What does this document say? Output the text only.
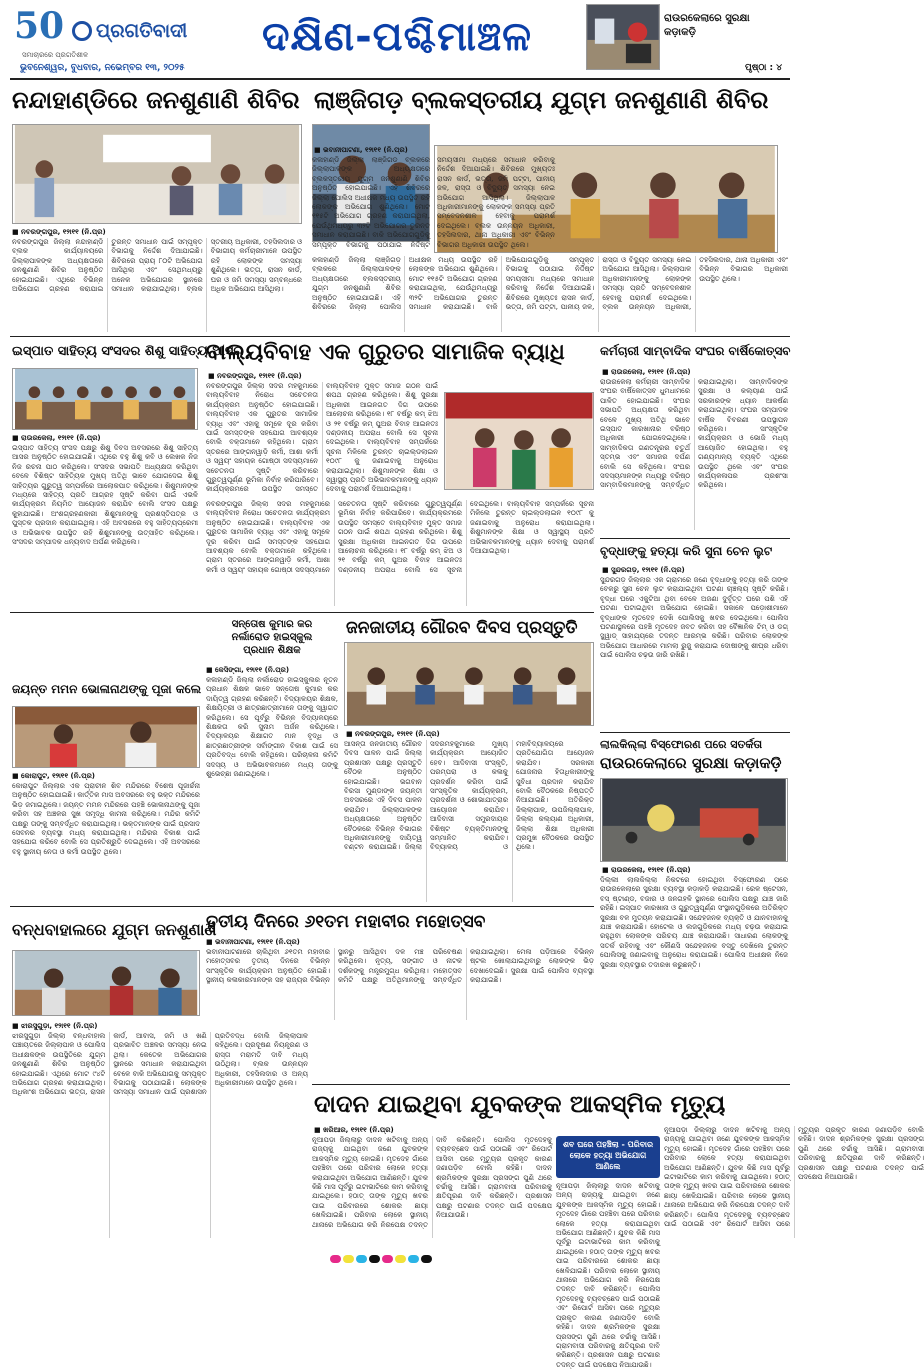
50
ସମାଚାରରେ ପ୍ରଗତିଶୀଳ
ପ୍ରଗତିବାଦୀ
ଭୁବନେଶ୍ୱର, ବୁଧବାର, ନଭେମ୍ବର ୧୩, ୨୦୨୫
ଦକ୍ଷିଣ-ପଶ୍ଚିମାଞ୍ଚଳ	ରାଉରକେଲାରେ ସୁରକ୍ଷା କଡ଼ାକଡ଼ି
ପୃଷ୍ଠା : ୪
ନନ୍ଦାହାଣ୍ଡିରେ ଜନଶୁଣାଣି ଶିବିର
■ ନବରଙ୍ଗପୁର, ୧୨ା୧୧ (ନି.ପ୍ର)
ନବରଙ୍ଗପୁର ଜିଲ୍ଲା ନନ୍ଦାହାଣ୍ଡି ବ୍ଲକ କାର୍ଯ୍ୟାଳୟରେ ଜିଲ୍ଲାପାଳଙ୍କ ଅଧ୍ୟକ୍ଷତାରେ ଜନଶୁଣାଣି ଶିବିର ଅନୁଷ୍ଠିତ ହୋଇଯାଇଛି। ଏଥିରେ ବିଭିନ୍ନ ଅଭିଯୋଗ ଗ୍ରହଣ କରାଯାଇ ତୁରନ୍ତ ସମାଧାନ ପାଇଁ ସମ୍ପୃକ୍ତ ବିଭାଗକୁ ନିର୍ଦ୍ଦେଶ ଦିଆଯାଇଛି। ଶିବିରରେ ପ୍ରାୟ ୮୦ଟି ଅଭିଯୋଗ ଆସିଥିଲା ଏବଂ ସେଥିମଧ୍ୟରୁ ଅନେକ ଅଭିଯୋଗର ସ୍ଥାନରେ ସମାଧାନ କରାଯାଇଥିଲା। ବ୍ଲକ ସ୍ତରୀୟ ଅଧିକାରୀ, ତହସିଲଦାର ଓ ବିଭାଗୀୟ କର୍ମଚାରୀମାନେ ଉପସ୍ଥିତ ରହି ଲୋକଙ୍କ ସମସ୍ୟା ଶୁଣିଥିଲେ। ଭତ୍ତା, ରାସନ କାର୍ଡ, ଘର ଓ ଜମି ସମସ୍ୟା ସମ୍ବନ୍ଧରେ ଅଧିକ ଅଭିଯୋଗ ଆସିଥିଲା।
ଲାଞ୍ଜିଗଡ଼ ବ୍ଲକସ୍ତରୀୟ ଯୁଗ୍ମ ଜନଶୁଣାଣି ଶିବିର
■ ଭବାନୀପାଟଣା, ୧୨ା୧୧ (ନି.ପ୍ର)
କଳାହାଣ୍ଡି ଜିଲ୍ଲା ଲାଞ୍ଜିଗଡ଼ ବ୍ଲକରେ ଜିଲ୍ଲାପାଳଙ୍କ ଅଧ୍ୟକ୍ଷତାରେ ବ୍ଲକସ୍ତରୀୟ ଯୁଗ୍ମ ଜନଶୁଣାଣି ଶିବିର ଅନୁଷ୍ଠିତ ହୋଇଯାଇଛି। ଏହି ଶିବିରରେ ଜିଲ୍ଲା ପୋଲିସ ଅଧୀକ୍ଷକ ମଧ୍ୟ ଉପସ୍ଥିତ ରହି ଲୋକଙ୍କ ଅଭିଯୋଗ ଶୁଣିଥିଲେ। ମୋଟ ୧୧୫ଟି ଅଭିଯୋଗ ଗ୍ରହଣ କରାଯାଇଥିଲା, ଯେଉଁଥିମଧ୍ୟରୁ ୩୨ଟି ଅଭିଯୋଗର ତୁରନ୍ତ ସମାଧାନ କରାଯାଇଛି। ବାକି ଅଭିଯୋଗଗୁଡ଼ିକୁ ସମ୍ପୃକ୍ତ ବିଭାଗକୁ ପଠାଯାଇ ନିର୍ଦ୍ଦିଷ୍ଟ
କଳାହାଣ୍ଡି ଜିଲ୍ଲା ଲାଞ୍ଜିଗଡ଼ ବ୍ଲକରେ ଜିଲ୍ଲାପାଳଙ୍କ ଅଧ୍ୟକ୍ଷତାରେ ବ୍ଲକସ୍ତରୀୟ ଯୁଗ୍ମ ଜନଶୁଣାଣି ଶିବିର ଅନୁଷ୍ଠିତ ହୋଇଯାଇଛି। ଏହି ଶିବିରରେ ଜିଲ୍ଲା ପୋଲିସ ଅଧୀକ୍ଷକ ମଧ୍ୟ ଉପସ୍ଥିତ ରହି ଲୋକଙ୍କ ଅଭିଯୋଗ ଶୁଣିଥିଲେ। ମୋଟ ୧୧୫ଟି ଅଭିଯୋଗ ଗ୍ରହଣ କରାଯାଇଥିଲା, ଯେଉଁଥିମଧ୍ୟରୁ ୩୨ଟି ଅଭିଯୋଗର ତୁରନ୍ତ ସମାଧାନ କରାଯାଇଛି। ବାକି ଅଭିଯୋଗଗୁଡ଼ିକୁ ସମ୍ପୃକ୍ତ ବିଭାଗକୁ ପଠାଯାଇ ନିର୍ଦ୍ଦିଷ୍ଟ ସମୟସୀମା ମଧ୍ୟରେ ସମାଧାନ କରିବାକୁ ନିର୍ଦ୍ଦେଶ ଦିଆଯାଇଛି। ଶିବିରରେ ମୁଖ୍ୟତଃ ରାସନ କାର୍ଡ, ଭତ୍ତା, ଜମି ପଟ୍ଟା, ପାନୀୟ ଜଳ, ରାସ୍ତା ଓ ବିଦ୍ୟୁତ ସମସ୍ୟା ନେଇ ଅଭିଯୋଗ ଆସିଥିଲା। ଜିଲ୍ଲାପାଳ ଅଧିକାରୀମାନଙ୍କୁ ଲୋକଙ୍କ ସମସ୍ୟା ପ୍ରତି ସମ୍ବେଦନଶୀଳ ହେବାକୁ ପରାମର୍ଶ ଦେଇଥିଲେ। ବ୍ଲକ ଉନ୍ନୟନ ଅଧିକାରୀ, ତହସିଲଦାର, ଥାନା ଅଧିକାରୀ ଏବଂ ବିଭିନ୍ନ ବିଭାଗର ଅଧିକାରୀ ଉପସ୍ଥିତ ଥିଲେ।
ଇସ୍ପାତ ସାହିତ୍ୟ ସଂସଦର ଶିଶୁ ସାହିତ୍ୟ ଆସର
■ ରାଉରକେଲା, ୧୨ା୧୧ (ନି.ପ୍ର)
ଇସ୍ପାତ ସାହିତ୍ୟ ସଂସଦ ପକ୍ଷରୁ ଶିଶୁ ଦିବସ ଅବସରରେ ଶିଶୁ ସାହିତ୍ୟ ଆସର ଅନୁଷ୍ଠିତ ହୋଇଯାଇଛି। ଏଥିରେ ବହୁ ଶିଶୁ କବି ଓ ଲେଖକ ନିଜ ନିଜ ରଚନା ପାଠ କରିଥିଲେ। ସଂସଦର ସଭାପତି ଅଧ୍ୟକ୍ଷତା କରିଥିବା ବେଳେ ବିଶିଷ୍ଟ ସାହିତ୍ୟିକ ମୁଖ୍ୟ ଅତିଥି ଭାବେ ଯୋଗଦେଇ ଶିଶୁ ସାହିତ୍ୟର ଗୁରୁତ୍ୱ ସମ୍ପର୍କରେ ଆଲୋକପାତ କରିଥିଲେ। ଶିଶୁମାନଙ୍କ ମଧ୍ୟରେ ସାହିତ୍ୟ ପ୍ରତି ଆଗ୍ରହ ସୃଷ୍ଟି କରିବା ପାଇଁ ଏଭଳି କାର୍ଯ୍ୟକ୍ରମ ନିୟମିତ ଆୟୋଜନ କରାଯିବ ବୋଲି ସଂସଦ ପକ୍ଷରୁ କୁହାଯାଇଛି। ଅଂଶଗ୍ରହଣକାରୀ ଶିଶୁମାନଙ୍କୁ ପ୍ରଶସ୍ତିପତ୍ର ଓ ପୁସ୍ତକ ପ୍ରଦାନ କରାଯାଇଥିଲା। ଏହି ଅବସରରେ ବହୁ ସାହିତ୍ୟପ୍ରେମୀ ଓ ଅଭିଭାବକ ଉପସ୍ଥିତ ରହି ଶିଶୁମାନଙ୍କୁ ଉତ୍ସାହିତ କରିଥିଲେ। ସଂସଦର ସମ୍ପାଦକ ଧନ୍ୟବାଦ ଅର୍ପଣ କରିଥିଲେ।
ବାଲ୍ୟବିବାହ ଏକ ଗୁରୁତର ସାମାଜିକ ବ୍ୟାଧି
■ ନବରଙ୍ଗପୁର, ୧୨ା୧୧ (ନି.ପ୍ର)
ନବରଙ୍ଗପୁର ଜିଲ୍ଲା ସଦର ମହକୁମାରେ ବାଲ୍ୟବିବାହ ନିରୋଧ ସଚେତନତା କାର୍ଯ୍ୟକ୍ରମ ଅନୁଷ୍ଠିତ ହୋଇଯାଇଛି। ବାଲ୍ୟବିବାହ ଏକ ଗୁରୁତର ସାମାଜିକ ବ୍ୟାଧି ଏବଂ ଏହାକୁ ସମୂଳେ ଦୂର କରିବା ପାଇଁ ସମସ୍ତଙ୍କ ସହଯୋଗ ଆବଶ୍ୟକ ବୋଲି ବକ୍ତାମାନେ କହିଥିଲେ। ଗ୍ରାମ ସ୍ତରରେ ଆଙ୍ଗନୱାଡ଼ି କର୍ମୀ, ଆଶା କର୍ମୀ ଓ ସ୍ୱୟଂ ସହାୟକ ଗୋଷ୍ଠୀ ସଦସ୍ୟମାନେ ସଚେତନତା ସୃଷ୍ଟି କରିବାରେ ଗୁରୁତ୍ୱପୂର୍ଣ୍ଣ ଭୂମିକା ନିର୍ବାହ କରିପାରିବେ। କାର୍ଯ୍ୟକ୍ରମରେ ଉପସ୍ଥିତ ସମସ୍ତେ ବାଲ୍ୟବିବାହ ମୁକ୍ତ ସମାଜ ଗଠନ ପାଇଁ ଶପଥ ଗ୍ରହଣ କରିଥିଲେ। ଶିଶୁ ସୁରକ୍ଷା ଅଧିକାରୀ ଆଇନଗତ ଦିଗ ଉପରେ ଆଲୋଚନା କରିଥିଲେ। ୧୮ ବର୍ଷରୁ କମ୍ ଝିଅ ଓ ୨୧ ବର୍ଷରୁ କମ୍ ପୁଅର ବିବାହ ଆଇନତଃ ଦଣ୍ଡନୀୟ ଅପରାଧ ବୋଲି ସେ ସୂଚନା ଦେଇଥିଲେ। ବାଲ୍ୟବିବାହ ସମ୍ପର୍କରେ ସୂଚନା ମିଳିଲେ ତୁରନ୍ତ ଚାଇଲ୍ଡଲାଇନ ୧୦୯୮ କୁ ଜଣାଇବାକୁ ଅନୁରୋଧ କରାଯାଇଥିଲା। ଶିଶୁମାନଙ୍କ ଶିକ୍ଷା ଓ ସ୍ୱାସ୍ଥ୍ୟ ପ୍ରତି ଅଭିଭାବକମାନଙ୍କୁ ଧ୍ୟାନ ଦେବାକୁ ପରାମର୍ଶ ଦିଆଯାଇଥିଲା।
ନବରଙ୍ଗପୁର ଜିଲ୍ଲା ସଦର ମହକୁମାରେ ବାଲ୍ୟବିବାହ ନିରୋଧ ସଚେତନତା କାର୍ଯ୍ୟକ୍ରମ ଅନୁଷ୍ଠିତ ହୋଇଯାଇଛି। ବାଲ୍ୟବିବାହ ଏକ ଗୁରୁତର ସାମାଜିକ ବ୍ୟାଧି ଏବଂ ଏହାକୁ ସମୂଳେ ଦୂର କରିବା ପାଇଁ ସମସ୍ତଙ୍କ ସହଯୋଗ ଆବଶ୍ୟକ ବୋଲି ବକ୍ତାମାନେ କହିଥିଲେ। ଗ୍ରାମ ସ୍ତରରେ ଆଙ୍ଗନୱାଡ଼ି କର୍ମୀ, ଆଶା କର୍ମୀ ଓ ସ୍ୱୟଂ ସହାୟକ ଗୋଷ୍ଠୀ ସଦସ୍ୟମାନେ ସଚେତନତା ସୃଷ୍ଟି କରିବାରେ ଗୁରୁତ୍ୱପୂର୍ଣ୍ଣ ଭୂମିକା ନିର୍ବାହ କରିପାରିବେ। କାର୍ଯ୍ୟକ୍ରମରେ ଉପସ୍ଥିତ ସମସ୍ତେ ବାଲ୍ୟବିବାହ ମୁକ୍ତ ସମାଜ ଗଠନ ପାଇଁ ଶପଥ ଗ୍ରହଣ କରିଥିଲେ। ଶିଶୁ ସୁରକ୍ଷା ଅଧିକାରୀ ଆଇନଗତ ଦିଗ ଉପରେ ଆଲୋଚନା କରିଥିଲେ। ୧୮ ବର୍ଷରୁ କମ୍ ଝିଅ ଓ ୨୧ ବର୍ଷରୁ କମ୍ ପୁଅର ବିବାହ ଆଇନତଃ ଦଣ୍ଡନୀୟ ଅପରାଧ ବୋଲି ସେ ସୂଚନା ଦେଇଥିଲେ। ବାଲ୍ୟବିବାହ ସମ୍ପର୍କରେ ସୂଚନା ମିଳିଲେ ତୁରନ୍ତ ଚାଇଲ୍ଡଲାଇନ ୧୦୯୮ କୁ ଜଣାଇବାକୁ ଅନୁରୋଧ କରାଯାଇଥିଲା। ଶିଶୁମାନଙ୍କ ଶିକ୍ଷା ଓ ସ୍ୱାସ୍ଥ୍ୟ ପ୍ରତି ଅଭିଭାବକମାନଙ୍କୁ ଧ୍ୟାନ ଦେବାକୁ ପରାମର୍ଶ ଦିଆଯାଇଥିଲା।
କର୍ମଚାରୀ ସାମ୍ବାଦିକ ସଂଘର ବାର୍ଷିକୋତ୍ସବ
■ ରାଉରକେଲା, ୧୨ା୧୧ (ନି.ପ୍ର)
ରାଉରକେଲା କର୍ମଚାରୀ ସାମ୍ବାଦିକ ସଂଘର ବାର୍ଷିକୋତ୍ସବ ଧୁମଧାମରେ ପାଳିତ ହୋଇଯାଇଛି। ସଂଘର ସଭାପତି ଅଧ୍ୟକ୍ଷତା କରିଥିବା ବେଳେ ମୁଖ୍ୟ ଅତିଥି ଭାବେ ଇସ୍ପାତ କାରଖାନାର ବରିଷ୍ଠ ଅଧିକାରୀ ଯୋଗଦେଇଥିଲେ। ସାମ୍ବାଦିକତା ଗଣତନ୍ତ୍ରର ଚତୁର୍ଥ ସ୍ତମ୍ଭ ଏବଂ ସମାଜର ଦର୍ପଣ ବୋଲି ସେ କହିଥିଲେ। ସଂଘର ସଦସ୍ୟମାନଙ୍କ ମଧ୍ୟରୁ ବରିଷ୍ଠ ସାମ୍ବାଦିକମାନଙ୍କୁ ସମ୍ବର୍ଦ୍ଧିତ କରାଯାଇଥିଲା। ସାମ୍ବାଦିକଙ୍କ ସୁରକ୍ଷା ଓ କଲ୍ୟାଣ ପାଇଁ ସରକାରଙ୍କ ଧ୍ୟାନ ଆକର୍ଷଣ କରାଯାଇଥିଲା। ସଂଘର ସମ୍ପାଦକ ବାର୍ଷିକ ବିବରଣୀ ଉପସ୍ଥାପନ କରିଥିଲେ। ସାଂସ୍କୃତିକ କାର୍ଯ୍ୟକ୍ରମ ଓ ଭୋଜି ମଧ୍ୟ ଆୟୋଜିତ ହୋଇଥିଲା। ବହୁ ଗଣ୍ୟମାନ୍ୟ ବ୍ୟକ୍ତି ଏଥିରେ ଉପସ୍ଥିତ ଥିଲେ ଏବଂ ସଂଘର କାର୍ଯ୍ୟକଳାପର ପ୍ରଶଂସା କରିଥିଲେ।
ବୃଦ୍ଧାଙ୍କୁ ହତ୍ୟା କରି ସୁନା ଚେନ ଲୁଟ
■ ସୁନ୍ଦରଗଡ଼, ୧୨ା୧୧ (ନି.ପ୍ର)
ସୁନ୍ଦରଗଡ଼ ଜିଲ୍ଲାର ଏକ ଗ୍ରାମରେ ଜଣେ ବୃଦ୍ଧାଙ୍କୁ ହତ୍ୟା କରି ତାଙ୍କ ବେକରୁ ସୁନା ଚେନ ଲୁଟ କରାଯାଇଥିବା ଘଟଣା ଚାଞ୍ଚଲ୍ୟ ସୃଷ୍ଟି କରିଛି। ବୃଦ୍ଧା ଘରେ ଏକୁଟିଆ ଥିବା ବେଳେ ଅଜଣା ଦୁର୍ବୃତ୍ତ ଘରେ ପଶି ଏହି ଘଟଣା ଘଟାଇଥିବା ଅଭିଯୋଗ ହୋଇଛି। ସକାଳେ ପଡ଼ୋଶୀମାନେ ବୃଦ୍ଧାଙ୍କ ମୃତଦେହ ଦେଖି ପୋଲିସକୁ ଖବର ଦେଇଥିଲେ। ପୋଲିସ ଘଟଣାସ୍ଥଳରେ ପହଞ୍ଚି ମୃତଦେହ ଜବତ କରିବା ସହ ବୈଜ୍ଞାନିକ ଟିମ୍ ଓ ଡଗ୍ ସ୍କ୍ୱାଡ୍ ସାହାଯ୍ୟରେ ତଦନ୍ତ ଆରମ୍ଭ କରିଛି। ପରିବାର ଲୋକଙ୍କ ଅଭିଯୋଗ ଆଧାରରେ ମାମଲା ରୁଜୁ କରାଯାଇ ଦୋଷୀଙ୍କୁ ଶୀଘ୍ର ଧରିବା ପାଇଁ ପୋଲିସ ଚଢ଼ଉ ଜାରି ରଖିଛି।
ସନ୍ତୋଷ କୁମାର କର
ନର୍ଲାରୋଡ ହାଇସ୍କୁଲ
ପ୍ରଧାନ ଶିକ୍ଷକ
■ କେସିଙ୍ଗା, ୧୨ା୧୧ (ନି.ପ୍ର)
କଳାହାଣ୍ଡି ଜିଲ୍ଲା ନର୍ଲାରୋଡ ହାଇସ୍କୁଲର ନୂତନ ପ୍ରଧାନ ଶିକ୍ଷକ ଭାବେ ସନ୍ତୋଷ କୁମାର କର ଦାୟିତ୍ୱ ଗ୍ରହଣ କରିଛନ୍ତି। ବିଦ୍ୟାଳୟର ଶିକ୍ଷକ, ଶିକ୍ଷୟିତ୍ରୀ ଓ ଛାତ୍ରଛାତ୍ରୀମାନେ ତାଙ୍କୁ ସ୍ୱାଗତ କରିଥିଲେ। ସେ ପୂର୍ବରୁ ବିଭିନ୍ନ ବିଦ୍ୟାଳୟରେ ଶିକ୍ଷକତା କରି ସୁନାମ ଅର୍ଜନ କରିଥିଲେ। ବିଦ୍ୟାଳୟର ଶିକ୍ଷାଗତ ମାନ ବୃଦ୍ଧି ଓ ଛାତ୍ରଛାତ୍ରୀଙ୍କ ସର୍ବାଙ୍ଗୀନ ବିକାଶ ପାଇଁ ସେ ପ୍ରତିବଦ୍ଧ ବୋଲି କହିଥିଲେ। ପରିଚାଳନା କମିଟି ସଦସ୍ୟ ଓ ଅଭିଭାବକମାନେ ମଧ୍ୟ ତାଙ୍କୁ ଶୁଭେଚ୍ଛା ଜଣାଇଥିଲେ।
ଜୟନ୍ତ ମମନ ଭୋଳାନାଥଙ୍କୁ ପୂଜା କଲେ
■ କୋରାପୁଟ, ୧୨ା୧୧ (ନି.ପ୍ର)
କୋରାପୁଟ ଜିଲ୍ଲାର ଏକ ପ୍ରାଚୀନ ଶିବ ମନ୍ଦିରରେ ବିଶେଷ ପୂଜାର୍ଚ୍ଚନା ଅନୁଷ୍ଠିତ ହୋଇଯାଇଛି। କାର୍ତ୍ତିକ ମାସ ଅବସରରେ ବହୁ ଭକ୍ତ ମନ୍ଦିରରେ ଭିଡ଼ ଜମାଇଥିଲେ। ଜୟନ୍ତ ମମନ ମନ୍ଦିରରେ ପହଞ୍ଚି ଭୋଳାନାଥଙ୍କୁ ପୂଜା କରିବା ସହ ଅଞ୍ଚଳର ସୁଖ ସମୃଦ୍ଧି କାମନା କରିଥିଲେ। ମନ୍ଦିର କମିଟି ପକ୍ଷରୁ ତାଙ୍କୁ ସମ୍ବର୍ଦ୍ଧିତ କରାଯାଇଥିଲା। ଭକ୍ତମାନଙ୍କ ପାଇଁ ପ୍ରସାଦ ସେବନର ବ୍ୟବସ୍ଥା ମଧ୍ୟ କରାଯାଇଥିଲା। ମନ୍ଦିରର ବିକାଶ ପାଇଁ ସହଯୋଗ କରିବେ ବୋଲି ସେ ପ୍ରତିଶ୍ରୁତି ଦେଇଥିଲେ। ଏହି ଅବସରରେ ବହୁ ସ୍ଥାନୀୟ ନେତା ଓ କର୍ମୀ ଉପସ୍ଥିତ ଥିଲେ।
ଜନଜାତୀୟ ଗୌରବ ଦିବସ ପ୍ରସ୍ତୁତି
■ ନବରଙ୍ଗପୁର, ୧୨ା୧୧ (ନି.ପ୍ର)
ଆସନ୍ତା ଜନଜାତୀୟ ଗୌରବ ଦିବସ ପାଳନ ପାଇଁ ଜିଲ୍ଲା ପ୍ରଶାସନ ପକ୍ଷରୁ ପ୍ରସ୍ତୁତି ବୈଠକ ଅନୁଷ୍ଠିତ ହୋଇଯାଇଛି। ଭଗବାନ ବିରସା ମୁଣ୍ଡାଙ୍କ ଜୟନ୍ତୀ ଅବସରରେ ଏହି ଦିବସ ପାଳନ କରାଯିବ। ଜିଲ୍ଲାପାଳଙ୍କ ଅଧ୍ୟକ୍ଷତାରେ ଅନୁଷ୍ଠିତ ବୈଠକରେ ବିଭିନ୍ନ ବିଭାଗର ଅଧିକାରୀମାନଙ୍କୁ ଦାୟିତ୍ୱ ବଣ୍ଟନ କରାଯାଇଛି। ଜିଲ୍ଲା ସଦରମହକୁମାରେ ମୁଖ୍ୟ କାର୍ଯ୍ୟକ୍ରମ ଆୟୋଜିତ ହେବ। ଆଦିବାସୀ ସଂସ୍କୃତି, ପରମ୍ପରା ଓ କଳାକୁ ପ୍ରଦର୍ଶନ କରିବା ପାଇଁ ସାଂସ୍କୃତିକ କାର୍ଯ୍ୟକ୍ରମ, ପ୍ରଦର୍ଶନୀ ଓ ଶୋଭାଯାତ୍ରାର ଆୟୋଜନ କରାଯିବ। ଆଦିବାସୀ ସମ୍ପ୍ରଦାୟର ବିଶିଷ୍ଟ ବ୍ୟକ୍ତିମାନଙ୍କୁ ସମ୍ମାନିତ କରାଯିବ। ବିଦ୍ୟାଳୟ ଓ ମହାବିଦ୍ୟାଳୟରେ ପ୍ରତିଯୋଗିତା ଆୟୋଜନ କରାଯିବ। ସରକାରୀ ଯୋଜନାର ହିତାଧିକାରୀଙ୍କୁ ସୁବିଧା ପ୍ରଦାନ କରାଯିବ ବୋଲି ବୈଠକରେ ନିଷ୍ପତ୍ତି ନିଆଯାଇଛି। ଅତିରିକ୍ତ ଜିଲ୍ଲାପାଳ, ଉପଜିଲ୍ଲାପାଳ, ଜିଲ୍ଲା କଲ୍ୟାଣ ଅଧିକାରୀ, ଜିଲ୍ଲା ଶିକ୍ଷା ଅଧିକାରୀ ପ୍ରମୁଖ ବୈଠକରେ ଉପସ୍ଥିତ ଥିଲେ।
ଲାଲକିଲ୍ଲା ବିସ୍ଫୋରଣ ପରେ ସତର୍କତା
ରାଉରକେଲାରେ ସୁରକ୍ଷା କଡ଼ାକଡ଼ି
■ ରାଉରକେଲା, ୧୨ା୧୧ (ନି.ପ୍ର)
ଦିଲ୍ଲୀ ଲାଲକିଲ୍ଲା ନିକଟରେ ହୋଇଥିବା ବିସ୍ଫୋରଣ ପରେ ରାଉରକେଲାରେ ସୁରକ୍ଷା ବ୍ୟବସ୍ଥା କଡ଼ାକଡ଼ି କରାଯାଇଛି। ରେଳ ଷ୍ଟେସନ, ବସ୍ ଷ୍ଟାଣ୍ଡ, ବଜାର ଓ ଜନଗହଳି ସ୍ଥାନରେ ପୋଲିସ ପକ୍ଷରୁ ଯାଞ୍ଚ ଜାରି ରହିଛି। ଇସ୍ପାତ କାରଖାନା ଓ ଗୁରୁତ୍ୱପୂର୍ଣ୍ଣ ସଂସ୍ଥାନଗୁଡ଼ିକରେ ଅତିରିକ୍ତ ସୁରକ୍ଷା ବଳ ମୁତୟନ କରାଯାଇଛି। ସନ୍ଦେହଜନକ ବ୍ୟକ୍ତି ଓ ଯାନବାହାନକୁ ଯାଞ୍ଚ କରାଯାଉଛି। ହୋଟେଲ ଓ ଲଜଗୁଡ଼ିକରେ ମଧ୍ୟ ଚଢ଼ଉ କରାଯାଇ ରହୁଥିବା ଲୋକଙ୍କ ପରିଚୟ ଯାଞ୍ଚ କରାଯାଉଛି। ସାଧାରଣ ଲୋକଙ୍କୁ ସତର୍କ ରହିବାକୁ ଏବଂ କୌଣସି ସନ୍ଦେହଜନକ ବସ୍ତୁ ଦେଖିଲେ ତୁରନ୍ତ ପୋଲିସକୁ ଜଣାଇବାକୁ ଅନୁରୋଧ କରାଯାଇଛି। ପୋଲିସ ଅଧୀକ୍ଷକ ନିଜେ ସୁରକ୍ଷା ବ୍ୟବସ୍ଥାର ତଦାରଖ କରୁଛନ୍ତି।
ତୃତୀୟ ଦିନରେ ୬୧ତମ ମହାବୀର ମହୋତ୍ସବ
■ ଭବାନୀପାଟଣା, ୧୨ା୧୧ (ନି.ପ୍ର)
ଭବାନୀପାଟଣାରେ ଚାଲିଥିବା ୬୧ତମ ମହାବୀର ମହୋତ୍ସବର ତୃତୀୟ ଦିନରେ ବିଭିନ୍ନ ସାଂସ୍କୃତିକ କାର୍ଯ୍ୟକ୍ରମ ଅନୁଷ୍ଠିତ ହୋଇଛି। ସ୍ଥାନୀୟ କଳାକାରମାନଙ୍କ ସହ ରାଜ୍ୟର ବିଭିନ୍ନ ସ୍ଥାନରୁ ଆସିଥିବା ଦଳ ମଞ୍ଚ ପରିବେଷଣ କରିଥିଲେ। ନୃତ୍ୟ, ସଙ୍ଗୀତ ଓ ନାଟକ ଦର୍ଶକଙ୍କୁ ମନ୍ତ୍ରମୁଗ୍ଧ କରିଥିଲା। ମହୋତ୍ସବ କମିଟି ପକ୍ଷରୁ ଅତିଥିମାନଙ୍କୁ ସମ୍ବର୍ଦ୍ଧିତ କରାଯାଇଥିଲା। ମେଳା ପଡ଼ିଆରେ ବିଭିନ୍ନ ଷ୍ଟଲ ଖୋଲାଯାଇଥିବାରୁ ଲୋକଙ୍କ ଭିଡ଼ ଦେଖାଦେଇଛି। ସୁରକ୍ଷା ପାଇଁ ପୋଲିସ ବ୍ୟବସ୍ଥା କରାଯାଇଛି।
ବନ୍ଧବାହାଲରେ ଯୁଗ୍ମ ଜନଶୁଣାଣି
■ ଝାରସୁଗୁଡ଼ା, ୧୨ା୧୧ (ନି.ପ୍ର)
ଝାରସୁଗୁଡ଼ା ଜିଲ୍ଲା ବନ୍ଧବାହାଲ ପଞ୍ଚାୟତରେ ଜିଲ୍ଲାପାଳ ଓ ପୋଲିସ ଅଧୀକ୍ଷକଙ୍କ ଉପସ୍ଥିତିରେ ଯୁଗ୍ମ ଜନଶୁଣାଣି ଶିବିର ଅନୁଷ୍ଠିତ ହୋଇଯାଇଛି। ଏଥିରେ ମୋଟ ୯୪ଟି ଅଭିଯୋଗ ଗ୍ରହଣ କରାଯାଇଥିଲା। ଅଧିକାଂଶ ଅଭିଯୋଗ ଭତ୍ତା, ରାସନ କାର୍ଡ, ଆବାସ, ଜମି ଓ ଖଣି ପ୍ରଭାବିତ ଅଞ୍ଚଳର ସମସ୍ୟା ନେଇ ଥିଲା। କେତେକ ଅଭିଯୋଗର ସ୍ଥାନରେ ସମାଧାନ କରାଯାଇଥିବା ବେଳେ ବାକି ଅଭିଯୋଗକୁ ସମ୍ପୃକ୍ତ ବିଭାଗକୁ ପଠାଯାଇଛି। ଲୋକଙ୍କ ସମସ୍ୟା ସମାଧାନ ପାଇଁ ପ୍ରଶାସନ ପ୍ରତିବଦ୍ଧ ବୋଲି ଜିଲ୍ଲାପାଳ କହିଥିଲେ। ପ୍ରଦୂଷଣ ନିୟନ୍ତ୍ରଣ ଓ ରାସ୍ତା ମରାମତି ଦାବି ମଧ୍ୟ ଉଠିଥିଲା। ବ୍ଲକ ଉନ୍ନୟନ ଅଧିକାରୀ, ତହସିଲଦାର ଓ ଅନ୍ୟ ଅଧିକାରୀମାନେ ଉପସ୍ଥିତ ଥିଲେ।
ଦାଦନ ଯାଇଥିବା ଯୁବକଙ୍କ ଆକସ୍ମିକ ମୃତ୍ୟୁ
■ ଖରିଆର, ୧୨ା୧୧ (ନି.ପ୍ର)
ନୂଆପଡ଼ା ଜିଲ୍ଲାରୁ ଦାଦନ ଖଟିବାକୁ ଅନ୍ୟ ରାଜ୍ୟକୁ ଯାଇଥିବା ଜଣେ ଯୁବକଙ୍କ ଆକସ୍ମିକ ମୃତ୍ୟୁ ହୋଇଛି। ମୃତଦେହ ଗାଁରେ ପହଞ୍ଚିବା ପରେ ପରିବାର ଲୋକେ ହତ୍ୟା କରାଯାଇଥିବା ଅଭିଯୋଗ ଆଣିଛନ୍ତି। ଯୁବକ କିଛି ମାସ ପୂର୍ବରୁ ଇଟାଭାଟିରେ କାମ କରିବାକୁ ଯାଇଥିଲେ। ହଠାତ୍ ତାଙ୍କ ମୃତ୍ୟୁ ଖବର ପାଇ ପରିବାରରେ ଶୋକର ଛାୟା ଖେଳିଯାଇଛି। ପରିବାର ଲୋକେ ସ୍ଥାନୀୟ ଥାନାରେ ଅଭିଯୋଗ କରି ନିରପେକ୍ଷ ତଦନ୍ତ ଦାବି କରିଛନ୍ତି। ପୋଲିସ ମୃତଦେହକୁ ବ୍ୟବଚ୍ଛେଦ ପାଇଁ ପଠାଇଛି ଏବଂ ରିପୋର୍ଟ ଆସିବା ପରେ ମୃତ୍ୟୁର ପ୍ରକୃତ କାରଣ ଜଣାପଡ଼ିବ ବୋଲି କହିଛି। ଦାଦନ ଶ୍ରମିକଙ୍କ ସୁରକ୍ଷା ପ୍ରସଙ୍ଗ ପୁଣି ଥରେ ଚର୍ଚ୍ଚାକୁ ଆସିଛି। ଗ୍ରାମବାସୀ ପରିବାରକୁ କ୍ଷତିପୂରଣ ଦାବି କରିଛନ୍ତି। ପ୍ରଶାସନ ପକ୍ଷରୁ ଘଟଣାର ତଦନ୍ତ ପାଇଁ ପଦକ୍ଷେପ ନିଆଯାଉଛି।
ଶବ ଘରେ ପହଞ୍ଚିଲା - ପରିବାର ଲୋକେ ହତ୍ୟା ଅଭିଯୋଗ ଆଣିଲେ
ନୂଆପଡ଼ା ଜିଲ୍ଲାରୁ ଦାଦନ ଖଟିବାକୁ ଅନ୍ୟ ରାଜ୍ୟକୁ ଯାଇଥିବା ଜଣେ ଯୁବକଙ୍କ ଆକସ୍ମିକ ମୃତ୍ୟୁ ହୋଇଛି। ମୃତଦେହ ଗାଁରେ ପହଞ୍ଚିବା ପରେ ପରିବାର ଲୋକେ ହତ୍ୟା କରାଯାଇଥିବା ଅଭିଯୋଗ ଆଣିଛନ୍ତି। ଯୁବକ କିଛି ମାସ ପୂର୍ବରୁ ଇଟାଭାଟିରେ କାମ କରିବାକୁ ଯାଇଥିଲେ। ହଠାତ୍ ତାଙ୍କ ମୃତ୍ୟୁ ଖବର ପାଇ ପରିବାରରେ ଶୋକର ଛାୟା ଖେଳିଯାଇଛି। ପରିବାର ଲୋକେ ସ୍ଥାନୀୟ ଥାନାରେ ଅଭିଯୋଗ କରି ନିରପେକ୍ଷ ତଦନ୍ତ ଦାବି କରିଛନ୍ତି। ପୋଲିସ ମୃତଦେହକୁ ବ୍ୟବଚ୍ଛେଦ ପାଇଁ ପଠାଇଛି ଏବଂ ରିପୋର୍ଟ ଆସିବା ପରେ ମୃତ୍ୟୁର ପ୍ରକୃତ କାରଣ ଜଣାପଡ଼ିବ ବୋଲି କହିଛି। ଦାଦନ ଶ୍ରମିକଙ୍କ ସୁରକ୍ଷା ପ୍ରସଙ୍ଗ ପୁଣି ଥରେ ଚର୍ଚ୍ଚାକୁ ଆସିଛି। ଗ୍ରାମବାସୀ ପରିବାରକୁ କ୍ଷତିପୂରଣ ଦାବି କରିଛନ୍ତି। ପ୍ରଶାସନ ପକ୍ଷରୁ ଘଟଣାର ତଦନ୍ତ ପାଇଁ ପଦକ୍ଷେପ ନିଆଯାଉଛି।
ନୂଆପଡ଼ା ଜିଲ୍ଲାରୁ ଦାଦନ ଖଟିବାକୁ ଅନ୍ୟ ରାଜ୍ୟକୁ ଯାଇଥିବା ଜଣେ ଯୁବକଙ୍କ ଆକସ୍ମିକ ମୃତ୍ୟୁ ହୋଇଛି। ମୃତଦେହ ଗାଁରେ ପହଞ୍ଚିବା ପରେ ପରିବାର ଲୋକେ ହତ୍ୟା କରାଯାଇଥିବା ଅଭିଯୋଗ ଆଣିଛନ୍ତି। ଯୁବକ କିଛି ମାସ ପୂର୍ବରୁ ଇଟାଭାଟିରେ କାମ କରିବାକୁ ଯାଇଥିଲେ। ହଠାତ୍ ତାଙ୍କ ମୃତ୍ୟୁ ଖବର ପାଇ ପରିବାରରେ ଶୋକର ଛାୟା ଖେଳିଯାଇଛି। ପରିବାର ଲୋକେ ସ୍ଥାନୀୟ ଥାନାରେ ଅଭିଯୋଗ କରି ନିରପେକ୍ଷ ତଦନ୍ତ ଦାବି କରିଛନ୍ତି। ପୋଲିସ ମୃତଦେହକୁ ବ୍ୟବଚ୍ଛେଦ ପାଇଁ ପଠାଇଛି ଏବଂ ରିପୋର୍ଟ ଆସିବା ପରେ ମୃତ୍ୟୁର ପ୍ରକୃତ କାରଣ ଜଣାପଡ଼ିବ ବୋଲି କହିଛି। ଦାଦନ ଶ୍ରମିକଙ୍କ ସୁରକ୍ଷା ପ୍ରସଙ୍ଗ ପୁଣି ଥରେ ଚର୍ଚ୍ଚାକୁ ଆସିଛି। ଗ୍ରାମବାସୀ ପରିବାରକୁ କ୍ଷତିପୂରଣ ଦାବି କରିଛନ୍ତି। ପ୍ରଶାସନ ପକ୍ଷରୁ ଘଟଣାର ତଦନ୍ତ ପାଇଁ ପଦକ୍ଷେପ ନିଆଯାଉଛି।
